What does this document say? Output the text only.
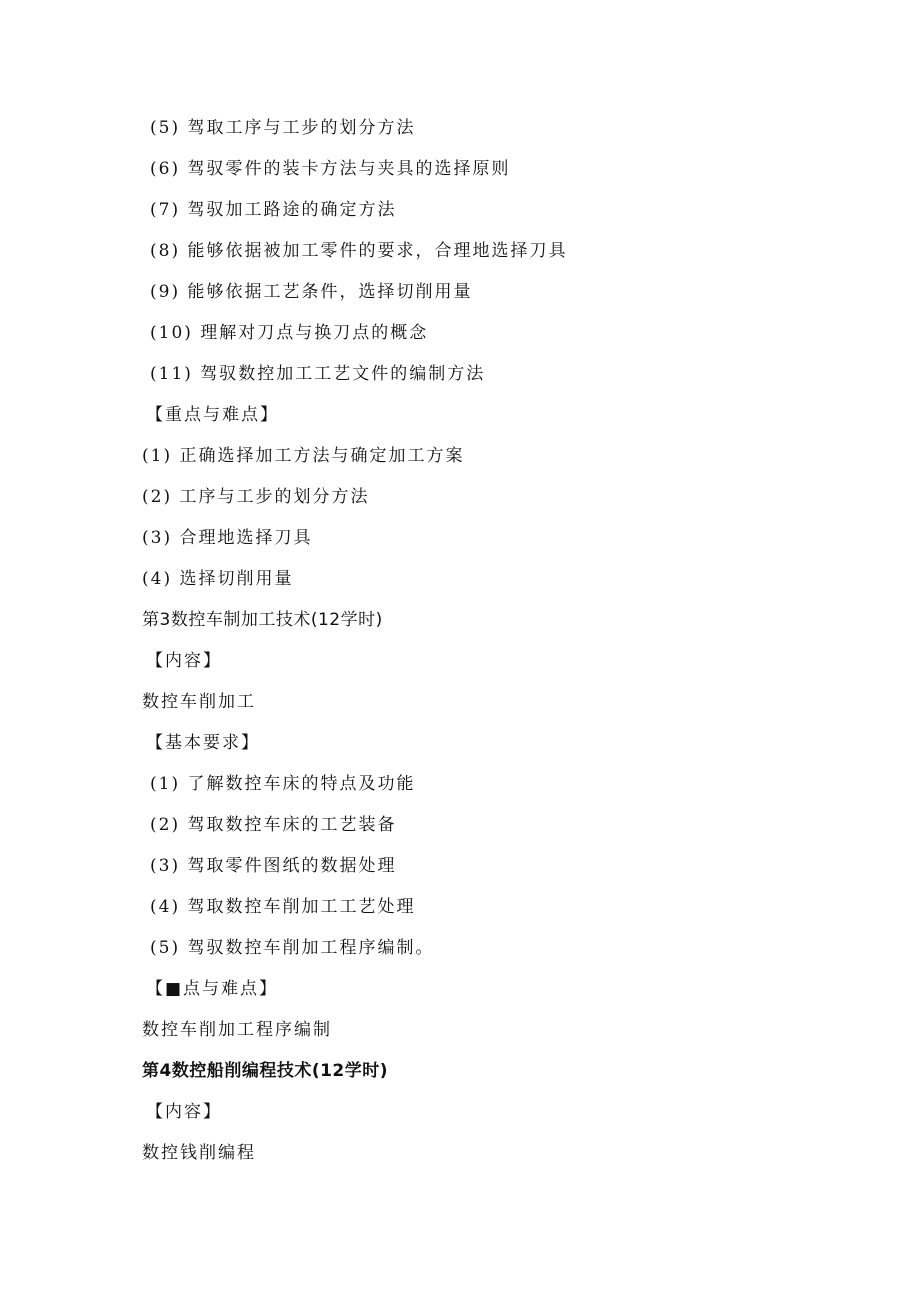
(5) 驾取工序与工步的划分方法
(6) 驾驭零件的装卡方法与夹具的选择原则
(7) 驾驭加工路途的确定方法
(8) 能够依据被加工零件的要求，合理地选择刀具
(9) 能够依据工艺条件，选择切削用量
(10) 理解对刀点与换刀点的概念
(11) 驾驭数控加工工艺文件的编制方法
【重点与难点】
(1) 正确选择加工方法与确定加工方案
(2) 工序与工步的划分方法
(3) 合理地选择刀具
(4) 选择切削用量
第3数控车制加工技术(12学时)
【内容】
数控车削加工
【基本要求】
(1) 了解数控车床的特点及功能
(2) 驾取数控车床的工艺装备
(3) 驾取零件图纸的数据处理
(4) 驾取数控车削加工工艺处理
(5) 驾驭数控车削加工程序编制。
【■点与难点】
数控车削加工程序编制
第4数控船削编程技术(12学时)
【内容】
数控钱削编程
